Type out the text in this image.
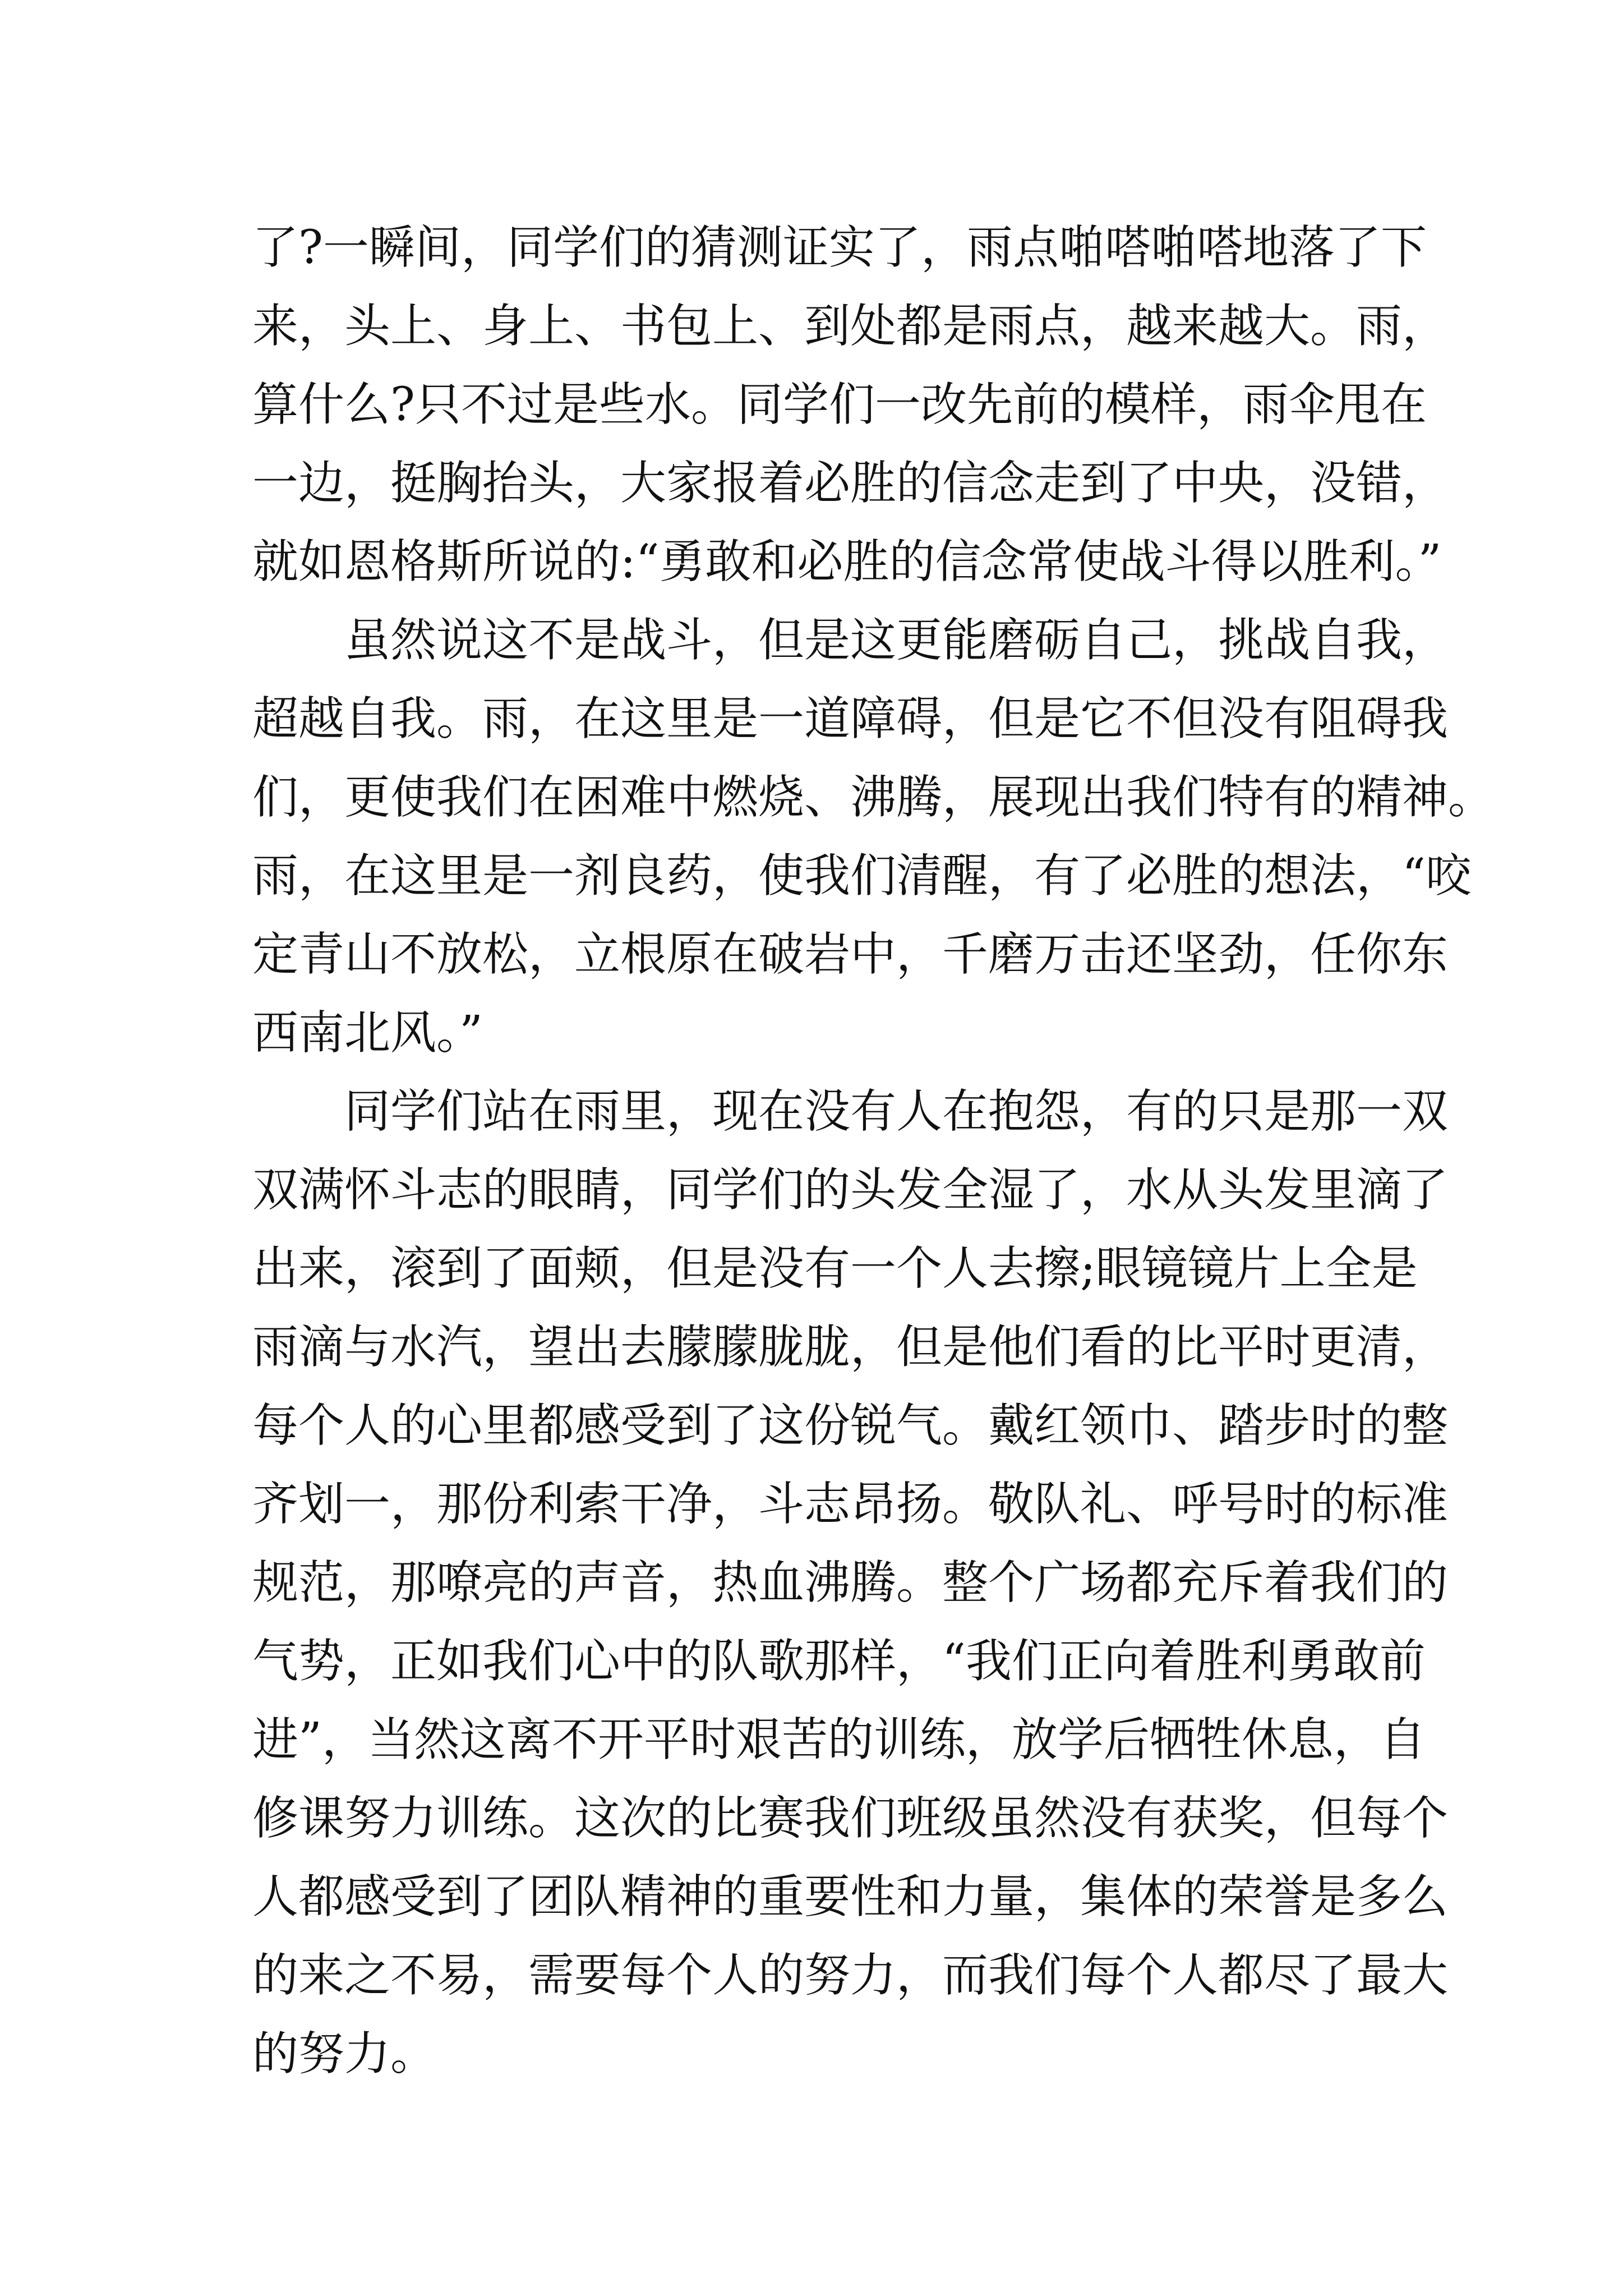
了?一瞬间，同学们的猜测证实了，雨点啪嗒啪嗒地落了下
来，头上、身上、书包上、到处都是雨点，越来越大。雨，
算什么?只不过是些水。同学们一改先前的模样，雨伞甩在
一边，挺胸抬头，大家报着必胜的信念走到了中央，没错，
就如恩格斯所说的:“勇敢和必胜的信念常使战斗得以胜利。”
虽然说这不是战斗，但是这更能磨砺自己，挑战自我，
超越自我。雨，在这里是一道障碍，但是它不但没有阻碍我
们，更使我们在困难中燃烧、沸腾，展现出我们特有的精神。
雨，在这里是一剂良药，使我们清醒，有了必胜的想法，“咬
定青山不放松，立根原在破岩中，千磨万击还坚劲，任你东
西南北风。”
同学们站在雨里，现在没有人在抱怨，有的只是那一双
双满怀斗志的眼睛，同学们的头发全湿了，水从头发里滴了
出来，滚到了面颊，但是没有一个人去擦;眼镜镜片上全是
雨滴与水汽，望出去朦朦胧胧，但是他们看的比平时更清，
每个人的心里都感受到了这份锐气。戴红领巾、踏步时的整
齐划一，那份利索干净，斗志昂扬。敬队礼、呼号时的标准
规范，那嘹亮的声音，热血沸腾。整个广场都充斥着我们的
气势，正如我们心中的队歌那样，“我们正向着胜利勇敢前
进”，当然这离不开平时艰苦的训练，放学后牺牲休息，自
修课努力训练。这次的比赛我们班级虽然没有获奖，但每个
人都感受到了团队精神的重要性和力量，集体的荣誉是多么
的来之不易，需要每个人的努力，而我们每个人都尽了最大
的努力。
